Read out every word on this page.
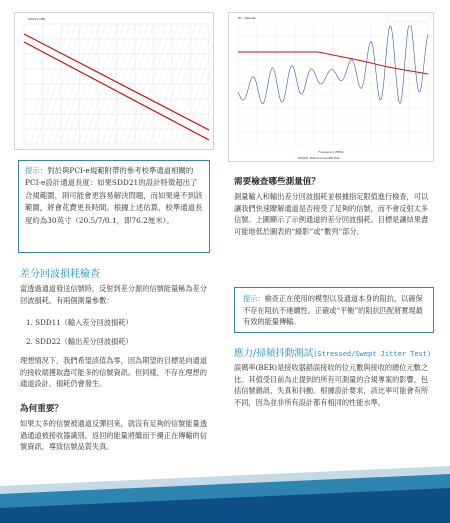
SDD21 (dB)	RL - Results
Frequency (MHz)
ReturnLoss(dB) Test
提示：對於與PCI-e規範附帶的參考校準通道相關的PCI-e設計通道長度：如果SDD21的設計特徵超出了合規範圍，則可能會更容易解決問題，而如果違不到該範圍，將會花費更長時間。根據上述估算，校準通道長度約為30英寸（20.5/7/0.1，即76.2厘米）。
差分回波損耗檢查
當透過通道發送信號時，反射到差分源的信號能量稱為差分回波損耗。有兩個測量參數：
1. SDD11（輸入差分回波損耗）
2. SDD22（輸出差分回波損耗）
理想情況下，我們希望該值為零，因為期望的目標是向通道的接收端獲取盡可能多的信號資訊。但同樣，不存在理想的通道設計，損耗仍會發生。
為何重要？
如果太多的信號被通道反彈回來，就沒有足夠的信號能量透過通道被接收器識別。返回的能量將繼而干擾正在傳輸的信號資訊，導致信號品質失真。
需要檢查哪些測量值？
測量輸入和輸出差分回波損耗並根據指定限值進行檢查，可以讓我們快速瞭解通道是否接受了足夠的信號，而不會反射太多信號。上圖顯示了示例通道的差分回波損耗。目標是讓結果盡可能地低於圖表的“綠影”或“數列”部分。
提示：檢查正在使用的模型以及通道本身的阻抗，以確保不存在阻抗不連續性。正確或“平衡”的阻抗匹配將實現最有效的能量傳輸。
應力/掃頻抖動測試(Stressed/Swept Jitter Test)
誤碼率(BER)是接收器錯誤接收的位元數與接收的總位元數之比。其值受目前為止提到的所有可測量的合規專案的影響，包括信號雜訊、失真和抖動。根據設計要求，該比率可能會有所不同，因為並非所有設計都有相同的性能水準。
